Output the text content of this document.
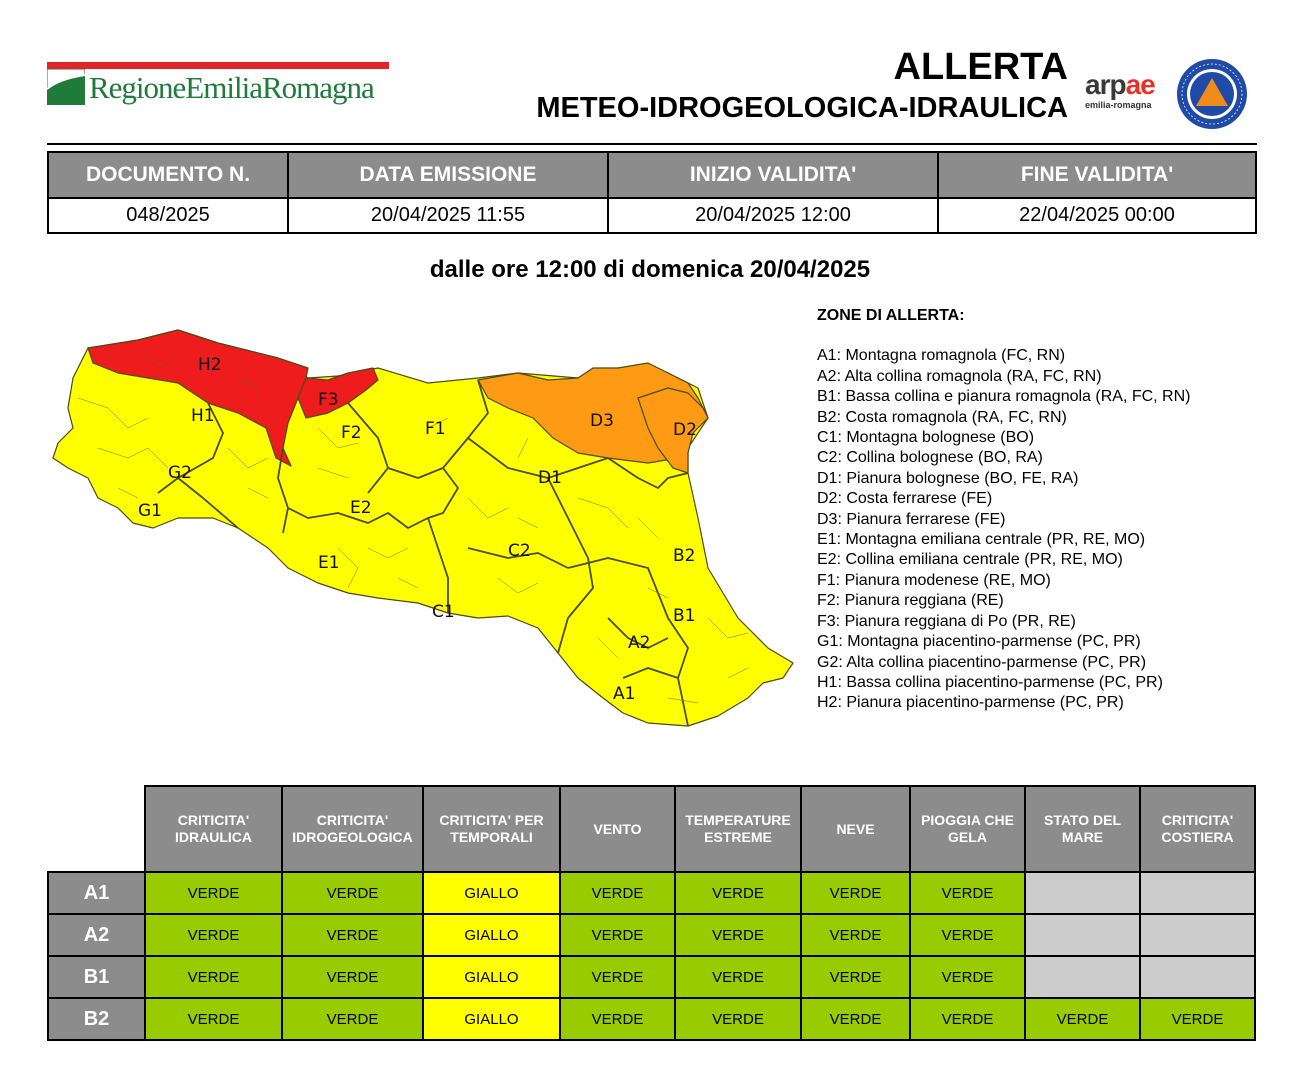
RegioneEmiliaRomagna	ALLERTA
METEO-IDROGEOLOGICA-IDRAULICA
arpae
emilia-romagna
DOCUMENTO N.	DATA EMISSIONE	INIZIO VALIDITA'	FINE VALIDITA'
048/2025	20/04/2025 11:55	20/04/2025 12:00	22/04/2025 00:00
dalle ore 12:00 di domenica 20/04/2025
H2
H1
G2
G1
F3
F2	F1
E2
E1
D3	D2
D1
C2
C1
B2
B1
A2
A1
ZONE DI ALLERTA:
A1: Montagna romagnola (FC, RN)
A2: Alta collina romagnola (RA, FC, RN)
B1: Bassa collina e pianura romagnola (RA, FC, RN)
B2: Costa romagnola (RA, FC, RN)
C1: Montagna bolognese (BO)
C2: Collina bolognese (BO, RA)
D1: Pianura bolognese (BO, FE, RA)
D2: Costa ferrarese (FE)
D3: Pianura ferrarese (FE)
E1: Montagna emiliana centrale (PR, RE, MO)
E2: Collina emiliana centrale (PR, RE, MO)
F1: Pianura modenese (RE, MO)
F2: Pianura reggiana (RE)
F3: Pianura reggiana di Po (PR, RE)
G1: Montagna piacentino-parmense (PC, PR)
G2: Alta collina piacentino-parmense (PC, PR)
H1: Bassa collina piacentino-parmense (PC, PR)
H2: Pianura piacentino-parmense (PC, PR)
	CRITICITA' IDRAULICA	CRITICITA' IDROGEOLOGICA	CRITICITA' PER TEMPORALI	VENTO	TEMPERATURE ESTREME	NEVE	PIOGGIA CHE GELA	STATO DEL MARE	CRITICITA' COSTIERA
A1	VERDE	VERDE	GIALLO	VERDE	VERDE	VERDE	VERDE		
A2	VERDE	VERDE	GIALLO	VERDE	VERDE	VERDE	VERDE		
B1	VERDE	VERDE	GIALLO	VERDE	VERDE	VERDE	VERDE		
B2	VERDE	VERDE	GIALLO	VERDE	VERDE	VERDE	VERDE	VERDE	VERDE
